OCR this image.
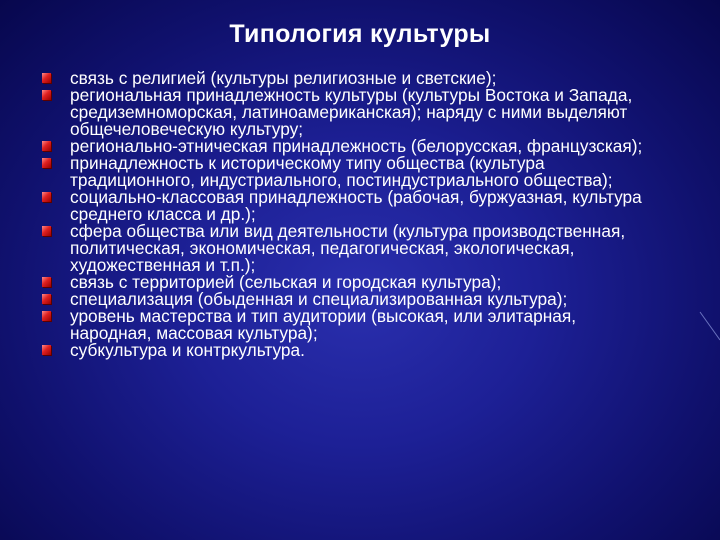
Типология культуры
связь с религией (культуры религиозные и светские);
региональная принадлежность культуры (культуры Востока и Запада, средиземноморская, латиноамериканская); наряду с ними выделяют общечеловеческую культуру;
регионально-этническая принадлежность (белорусская, французская);
принадлежность к историческому типу общества (культура традиционного, индустриального, постиндустриального общества);
социально-классовая принадлежность (рабочая, буржуазная, культура среднего класса и др.);
сфера общества или вид деятельности (культура производственная, политическая, экономическая, педагогическая, экологическая, художественная и т.п.);
связь с территорией (сельская и городская культура);
специализация (обыденная и специализированная культура);
уровень мастерства и тип аудитории (высокая, или элитарная, народная, массовая культура);
субкультура и контркультура.
